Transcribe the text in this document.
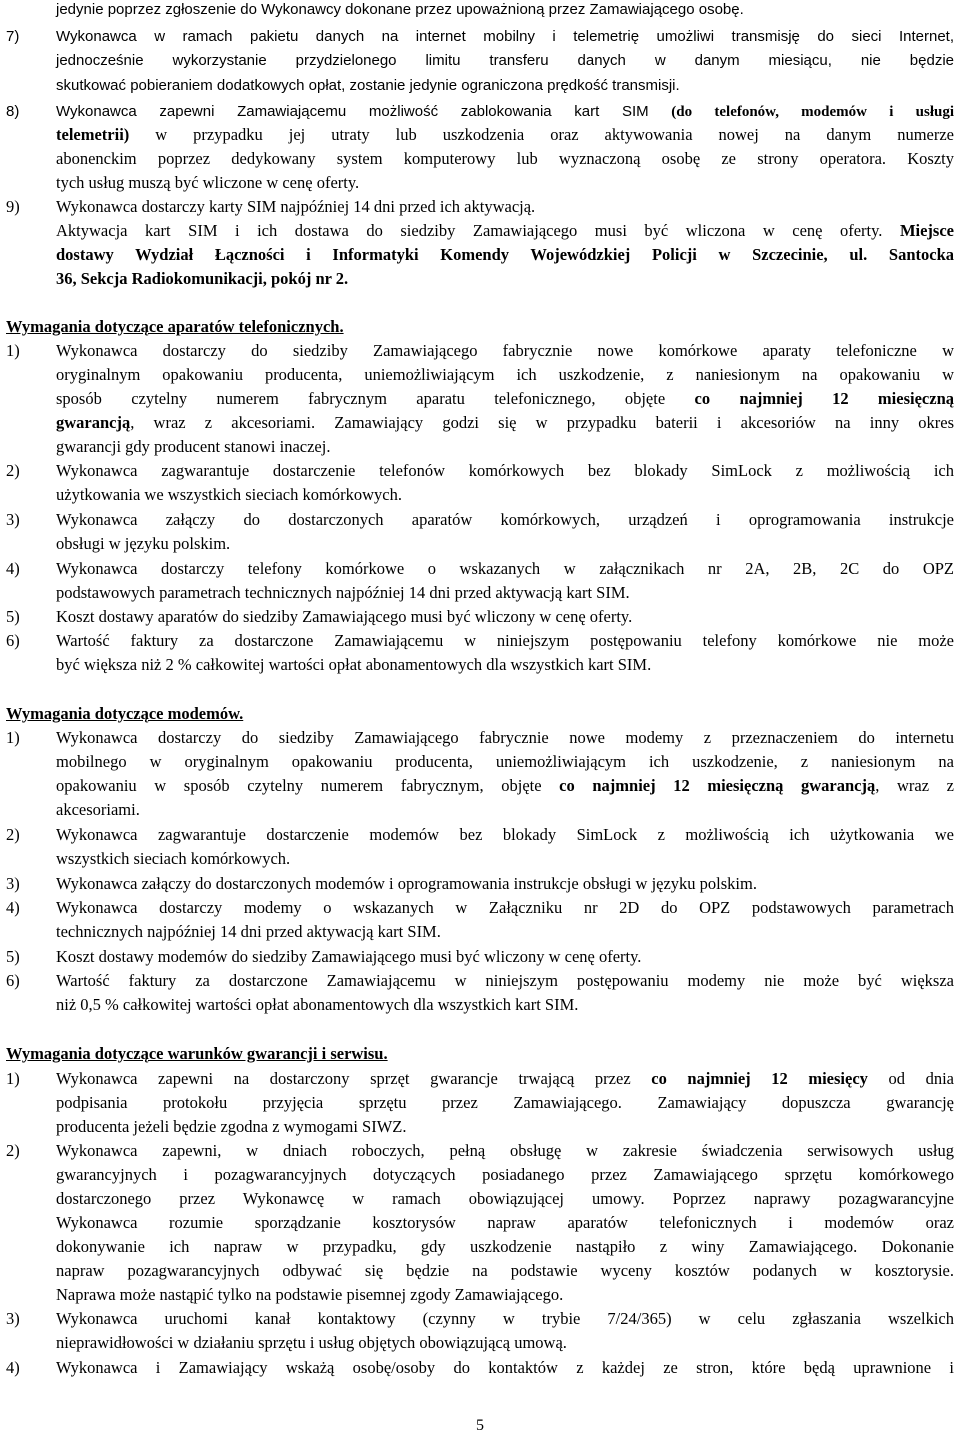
jedynie poprzez zgłoszenie do Wykonawcy dokonane przez upoważnioną przez Zamawiającego osobę.
7) Wykonawca w ramach pakietu danych na internet mobilny i telemetrię umożliwi transmisję do sieci Internet,
jednocześnie wykorzystanie przydzielonego limitu transferu danych w danym miesiącu, nie będzie
skutkować pobieraniem dodatkowych opłat, zostanie jedynie ograniczona prędkość transmisji.
8) Wykonawca zapewni Zamawiającemu możliwość zablokowania kart SIM (do telefonów, modemów i usługi
telemetrii) w przypadku jej utraty lub uszkodzenia oraz aktywowania nowej na danym numerze
abonenckim poprzez dedykowany system komputerowy lub wyznaczoną osobę ze strony operatora. Koszty
tych usług muszą być wliczone w cenę oferty.
9) Wykonawca dostarczy karty SIM najpóźniej 14 dni przed ich aktywacją.
Aktywacja kart SIM i ich dostawa do siedziby Zamawiającego musi być wliczona w cenę oferty. Miejsce
dostawy Wydział Łączności i Informatyki Komendy Wojewódzkiej Policji w Szczecinie, ul. Santocka
36, Sekcja Radiokomunikacji, pokój nr 2.
Wymagania dotyczące aparatów telefonicznych.
1) Wykonawca dostarczy do siedziby Zamawiającego fabrycznie nowe komórkowe aparaty telefoniczne w
oryginalnym opakowaniu producenta, uniemożliwiającym ich uszkodzenie, z naniesionym na opakowaniu w
sposób czytelny numerem fabrycznym aparatu telefonicznego, objęte co najmniej 12 miesięczną
gwarancją, wraz z akcesoriami. Zamawiający godzi się w przypadku baterii i akcesoriów na inny okres
gwarancji gdy producent stanowi inaczej.
2) Wykonawca zagwarantuje dostarczenie telefonów komórkowych bez blokady SimLock z możliwością ich
użytkowania we wszystkich sieciach komórkowych.
3) Wykonawca załączy do dostarczonych aparatów komórkowych, urządzeń i oprogramowania instrukcje
obsługi w języku polskim.
4) Wykonawca dostarczy telefony komórkowe o wskazanych w załącznikach nr 2A, 2B, 2C do OPZ
podstawowych parametrach technicznych najpóźniej 14 dni przed aktywacją kart SIM.
5) Koszt dostawy aparatów do siedziby Zamawiającego musi być wliczony w cenę oferty.
6) Wartość faktury za dostarczone Zamawiającemu w niniejszym postępowaniu telefony komórkowe nie może
być większa niż 2 % całkowitej wartości opłat abonamentowych dla wszystkich kart SIM.
Wymagania dotyczące modemów.
1) Wykonawca dostarczy do siedziby Zamawiającego fabrycznie nowe modemy z przeznaczeniem do internetu
mobilnego w oryginalnym opakowaniu producenta, uniemożliwiającym ich uszkodzenie, z naniesionym na
opakowaniu w sposób czytelny numerem fabrycznym, objęte co najmniej 12 miesięczną gwarancją, wraz z
akcesoriami.
2) Wykonawca zagwarantuje dostarczenie modemów bez blokady SimLock z możliwością ich użytkowania we
wszystkich sieciach komórkowych.
3) Wykonawca załączy do dostarczonych modemów i oprogramowania instrukcje obsługi w języku polskim.
4) Wykonawca dostarczy modemy o wskazanych w Załączniku nr 2D do OPZ podstawowych parametrach
technicznych najpóźniej 14 dni przed aktywacją kart SIM.
5) Koszt dostawy modemów do siedziby Zamawiającego musi być wliczony w cenę oferty.
6) Wartość faktury za dostarczone Zamawiającemu w niniejszym postępowaniu modemy nie może być większa
niż 0,5 % całkowitej wartości opłat abonamentowych dla wszystkich kart SIM.
Wymagania dotyczące warunków gwarancji i serwisu.
1) Wykonawca zapewni na dostarczony sprzęt gwarancje trwającą przez co najmniej 12 miesięcy od dnia
podpisania protokołu przyjęcia sprzętu przez Zamawiającego. Zamawiający dopuszcza gwarancję
producenta jeżeli będzie zgodna z wymogami SIWZ.
2) Wykonawca zapewni, w dniach roboczych, pełną obsługę w zakresie świadczenia serwisowych usług
gwarancyjnych i pozagwarancyjnych dotyczących posiadanego przez Zamawiającego sprzętu komórkowego
dostarczonego przez Wykonawcę w ramach obowiązującej umowy. Poprzez naprawy pozagwarancyjne
Wykonawca rozumie sporządzanie kosztorysów napraw aparatów telefonicznych i modemów oraz
dokonywanie ich napraw w przypadku, gdy uszkodzenie nastąpiło z winy Zamawiającego. Dokonanie
napraw pozagwarancyjnych odbywać się będzie na podstawie wyceny kosztów podanych w kosztorysie.
Naprawa może nastąpić tylko na podstawie pisemnej zgody Zamawiającego.
3) Wykonawca uruchomi kanał kontaktowy (czynny w trybie 7/24/365) w celu zgłaszania wszelkich
nieprawidłowości w działaniu sprzętu i usług objętych obowiązującą umową.
4) Wykonawca i Zamawiający wskażą osobę/osoby do kontaktów z każdej ze stron, które będą uprawnione i
5
